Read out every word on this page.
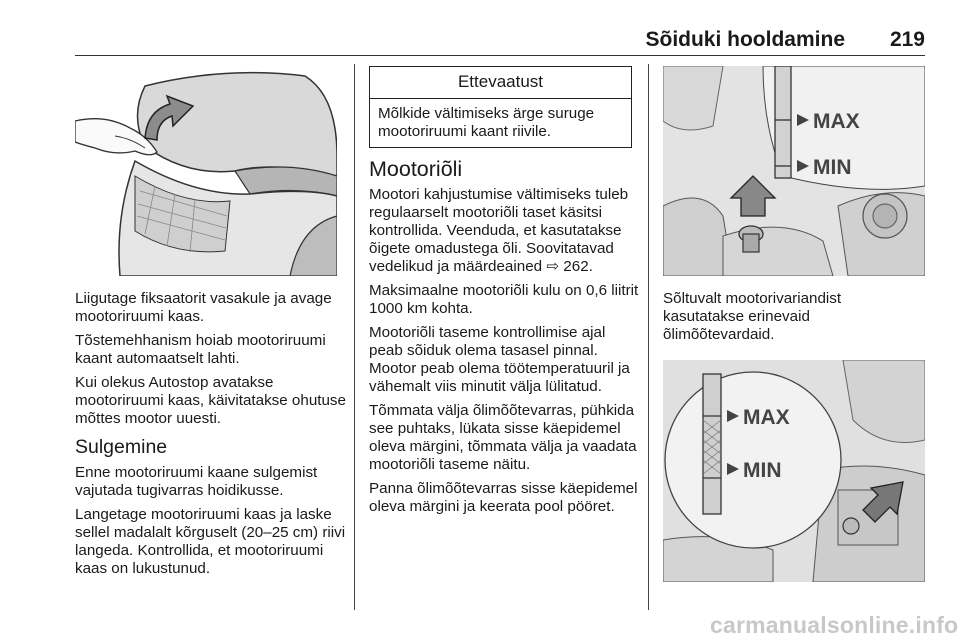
Sõiduki hooldamine 219

Liigutage fiksaatorit vasakule ja avage mootoriruumi kaas.

Tõstemehhanism hoiab mootoriruumi kaant automaatselt lahti.

Kui olekus Autostop avatakse mootoriruumi kaas, käivitatakse ohutuse mõttes mootor uuesti.

Sulgemine

Enne mootoriruumi kaane sulgemist vajutada tugivarras hoidikusse.

Langetage mootoriruumi kaas ja laske sellel madalalt kõrguselt (20–25 cm) riivi langeda. Kontrollida, et mootoriruumi kaas on lukustunud.

Ettevaatust
Mõlkide vältimiseks ärge suruge mootoriruumi kaant riivile.
Mootoriõli

Mootori kahjustumise vältimiseks tuleb regulaarselt mootoriõli taset käsitsi kontrollida. Veenduda, et kasutatakse õigete omadustega õli. Soovitatavad vedelikud ja määrdeained ⇨ 262.

Maksimaalne mootoriõli kulu on 0,6 liitrit 1000 km kohta.

Mootoriõli taseme kontrollimise ajal peab sõiduk olema tasasel pinnal. Mootor peab olema töötemperatuuril ja vähemalt viis minutit välja lülitatud.

Tõmmata välja õlimõõtevarras, pühkida see puhtaks, lükata sisse käepidemel oleva märgini, tõmmata välja ja vaadata mootoriõli taseme näitu.

Panna õlimõõtevarras sisse käepidemel oleva märgini ja keerata pool pööret.

MAX
MIN

Sõltuvalt mootorivariandist kasutatakse erinevaid õlimõõtevardaid.

MAX
MIN
carmanualsonline.info
